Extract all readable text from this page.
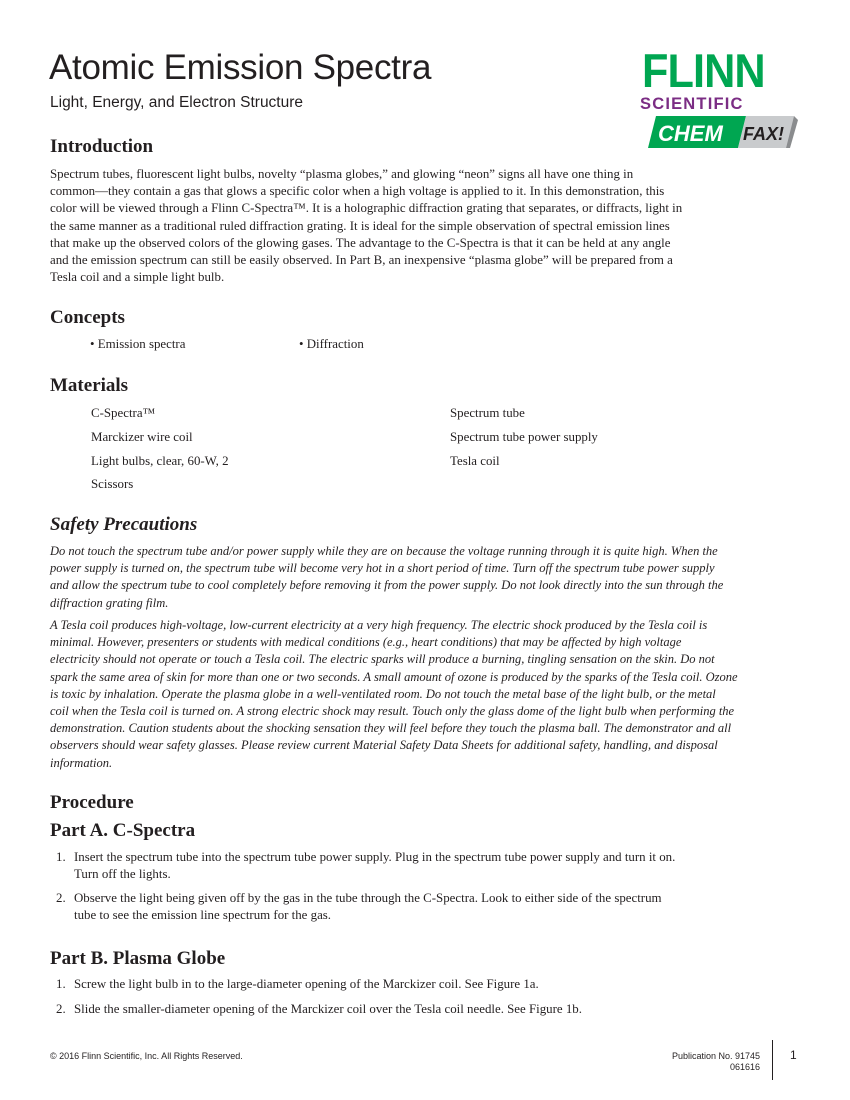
Atomic Emission Spectra
Light, Energy, and Electron Structure
FLINN
SCIENTIFIC
CHEM FAX!
Introduction
Spectrum tubes, fluorescent light bulbs, novelty “plasma globes,” and glowing “neon” signs all have one thing in
common—they contain a gas that glows a specific color when a high voltage is applied to it. In this demonstration, this
color will be viewed through a Flinn C-Spectra™. It is a holographic diffraction grating that separates, or diffracts, light in
the same manner as a traditional ruled diffraction grating. It is ideal for the simple observation of spectral emission lines
that make up the observed colors of the glowing gases. The advantage to the C-Spectra is that it can be held at any angle
and the emission spectrum can still be easily observed. In Part B, an inexpensive “plasma globe” will be prepared from a
Tesla coil and a simple light bulb.
Concepts
• Emission spectra	• Diffraction
Materials
C-Spectra™
Marckizer wire coil
Light bulbs, clear, 60-W, 2
Scissors
Spectrum tube
Spectrum tube power supply
Tesla coil
Safety Precautions
Do not touch the spectrum tube and/or power supply while they are on because the voltage running through it is quite high. When the
power supply is turned on, the spectrum tube will become very hot in a short period of time. Turn off the spectrum tube power supply
and allow the spectrum tube to cool completely before removing it from the power supply. Do not look directly into the sun through the
diffraction grating film.
A Tesla coil produces high-voltage, low-current electricity at a very high frequency. The electric shock produced by the Tesla coil is
minimal. However, presenters or students with medical conditions (e.g., heart conditions) that may be affected by high voltage
electricity should not operate or touch a Tesla coil. The electric sparks will produce a burning, tingling sensation on the skin. Do not
spark the same area of skin for more than one or two seconds. A small amount of ozone is produced by the sparks of the Tesla coil. Ozone
is toxic by inhalation. Operate the plasma globe in a well-ventilated room. Do not touch the metal base of the light bulb, or the metal
coil when the Tesla coil is turned on. A strong electric shock may result. Touch only the glass dome of the light bulb when performing the
demonstration. Caution students about the shocking sensation they will feel before they touch the plasma ball. The demonstrator and all
observers should wear safety glasses. Please review current Material Safety Data Sheets for additional safety, handling, and disposal
information.
Procedure
Part A. C-Spectra
1. Insert the spectrum tube into the spectrum tube power supply. Plug in the spectrum tube power supply and turn it on.
Turn off the lights.
2. Observe the light being given off by the gas in the tube through the C-Spectra. Look to either side of the spectrum
tube to see the emission line spectrum for the gas.
Part B. Plasma Globe
1. Screw the light bulb in to the large-diameter opening of the Marckizer coil. See Figure 1a.
2. Slide the smaller-diameter opening of the Marckizer coil over the Tesla coil needle. See Figure 1b.
© 2016 Flinn Scientific, Inc. All Rights Reserved.	Publication No. 91745
061616
1
